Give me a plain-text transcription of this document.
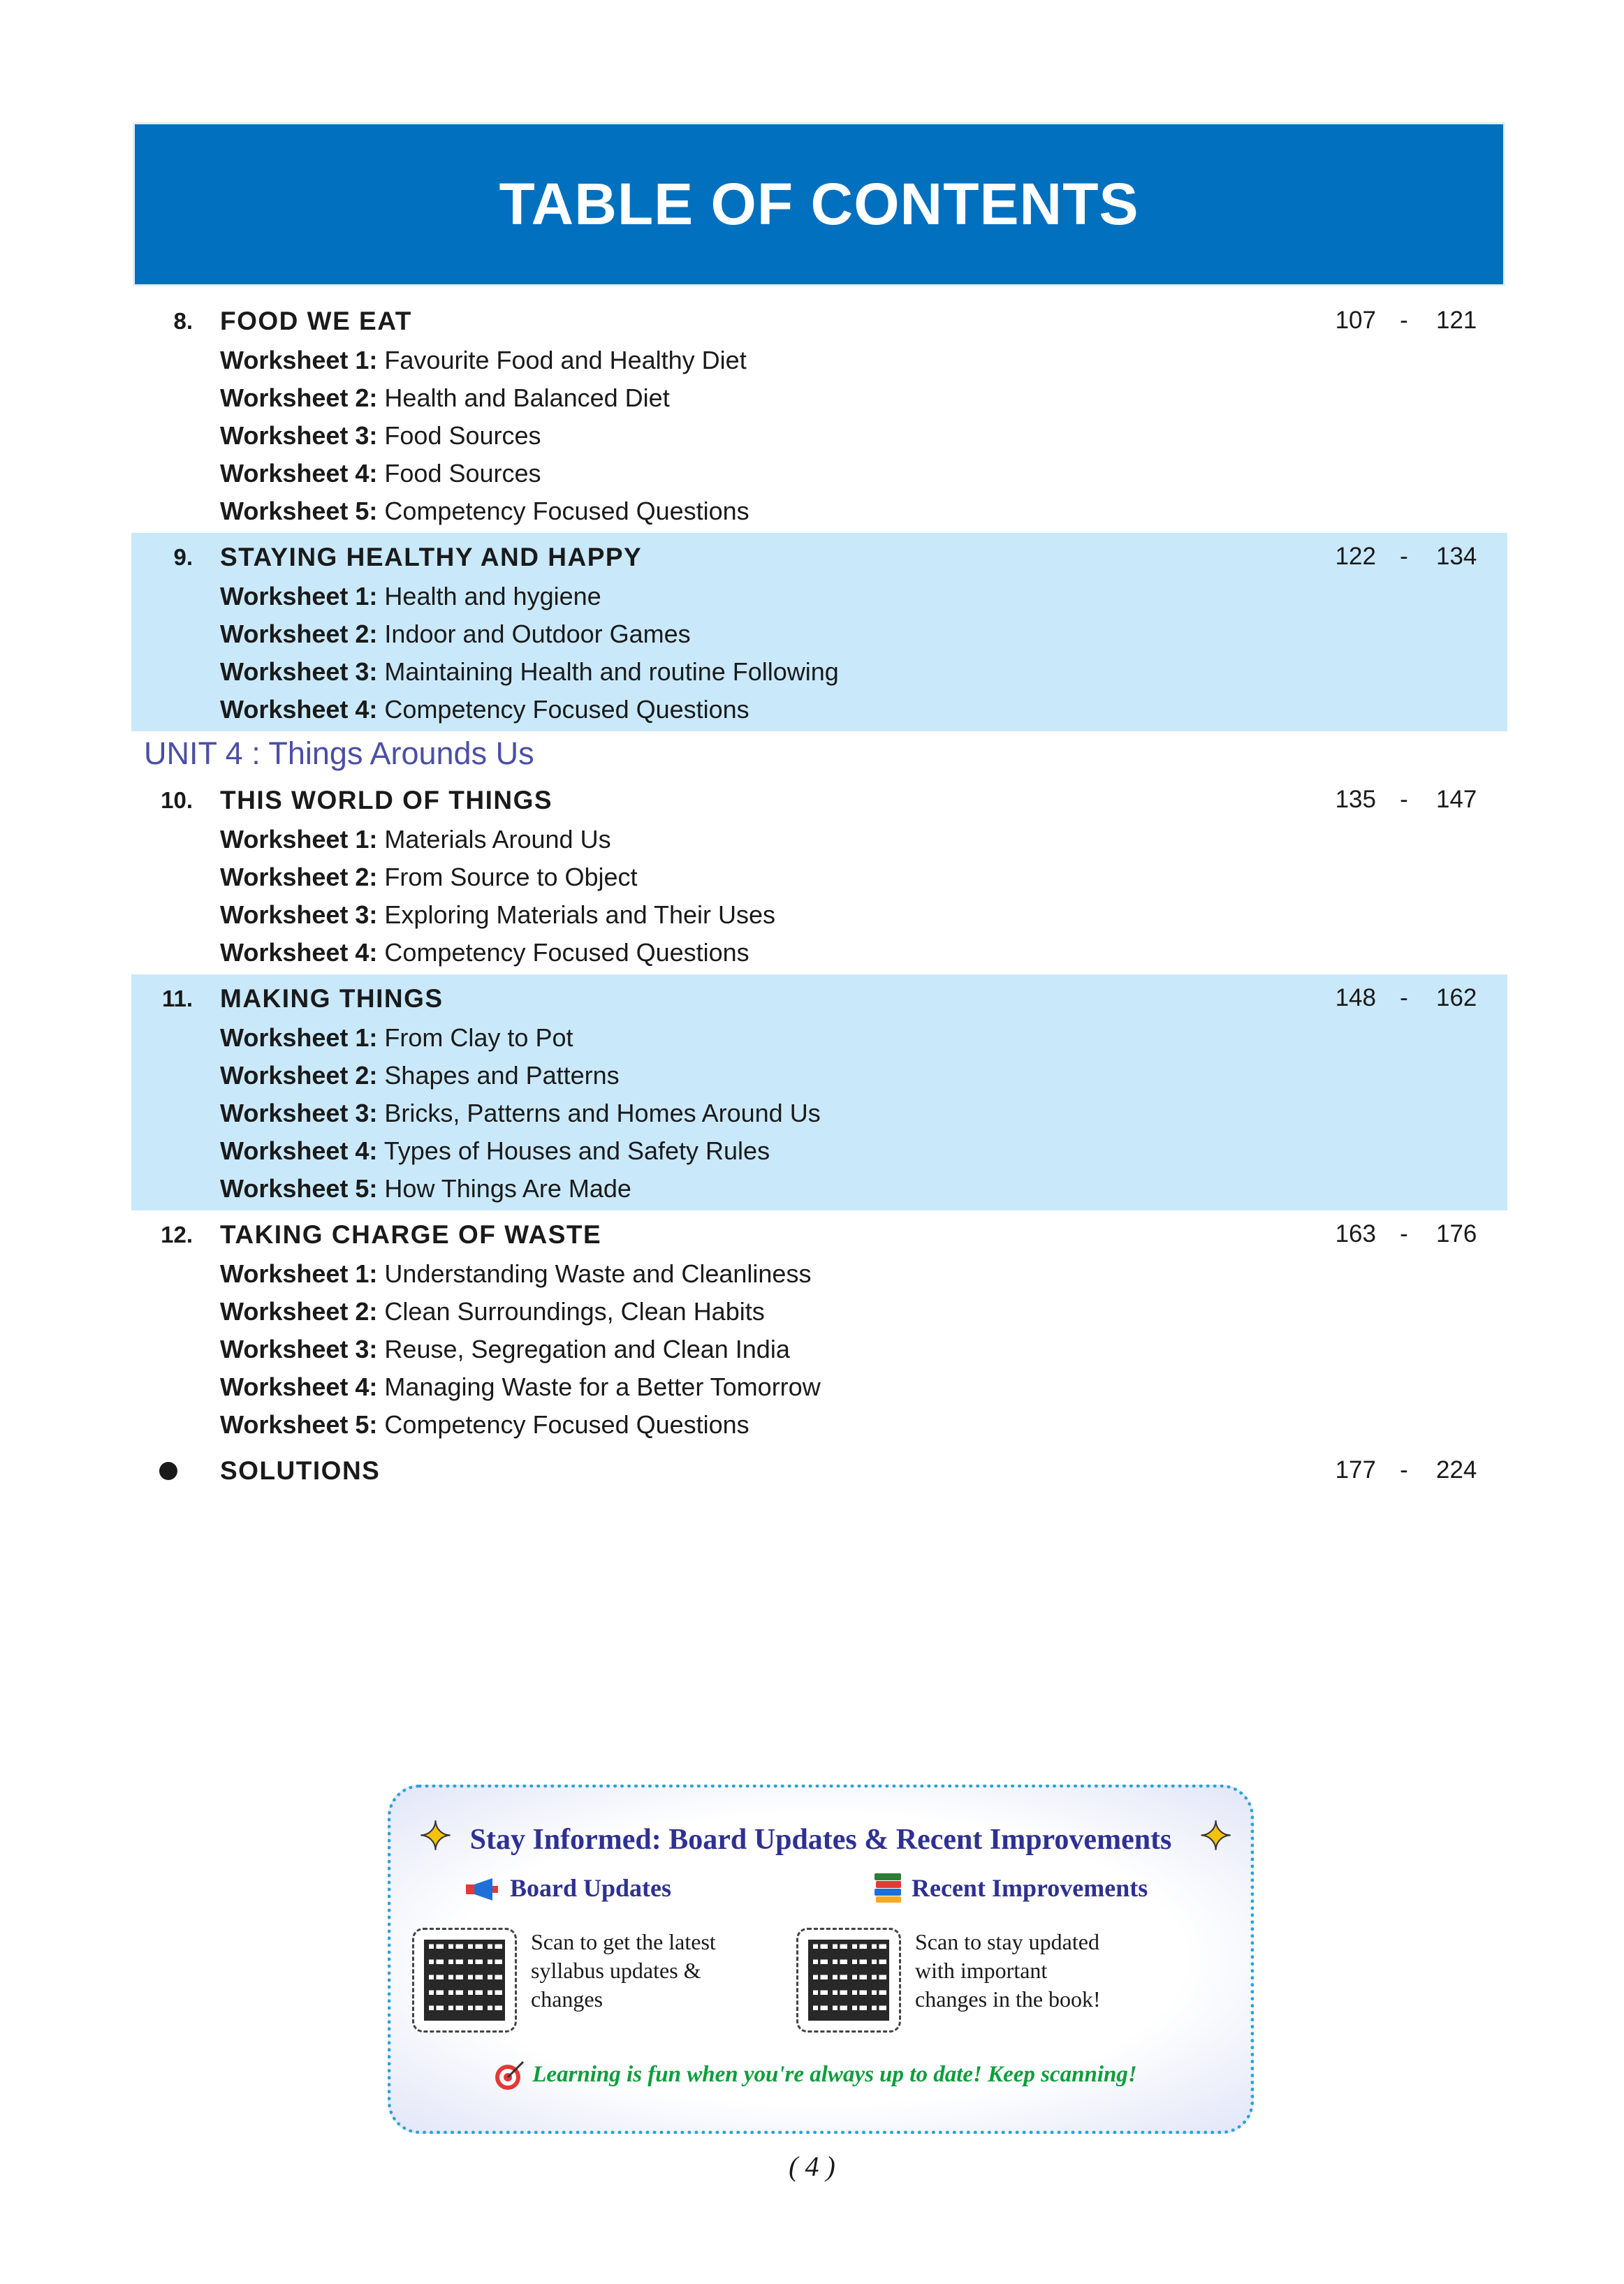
TABLE OF CONTENTS
8. FOOD WE EAT	107 -	121
Worksheet 1: Favourite Food and Healthy Diet
Worksheet 2: Health and Balanced Diet
Worksheet 3: Food Sources
Worksheet 4: Food Sources
Worksheet 5: Competency Focused Questions
9. STAYING HEALTHY AND HAPPY	122 -	134
Worksheet 1: Health and hygiene
Worksheet 2: Indoor and Outdoor Games
Worksheet 3: Maintaining Health and routine Following
Worksheet 4: Competency Focused Questions
UNIT 4 : Things Arounds Us
10. THIS WORLD OF THINGS	135 -	147
Worksheet 1: Materials Around Us
Worksheet 2: From Source to Object
Worksheet 3: Exploring Materials and Their Uses
Worksheet 4: Competency Focused Questions
11. MAKING THINGS	148 -	162
Worksheet 1: From Clay to Pot
Worksheet 2: Shapes and Patterns
Worksheet 3: Bricks, Patterns and Homes Around Us
Worksheet 4: Types of Houses and Safety Rules
Worksheet 5: How Things Are Made
12. TAKING CHARGE OF WASTE	163 -	176
Worksheet 1: Understanding Waste and Cleanliness
Worksheet 2: Clean Surroundings, Clean Habits
Worksheet 3: Reuse, Segregation and Clean India
Worksheet 4: Managing Waste for a Better Tomorrow
Worksheet 5: Competency Focused Questions
SOLUTIONS	177 -	224
✦ Stay Informed: Board Updates & Recent Improvements ✦
Board Updates	Recent Improvements
Scan to get the latest syllabus updates & changes
Scan to stay updated with important changes in the book!
Learning is fun when you're always up to date! Keep scanning!
( 4 )
